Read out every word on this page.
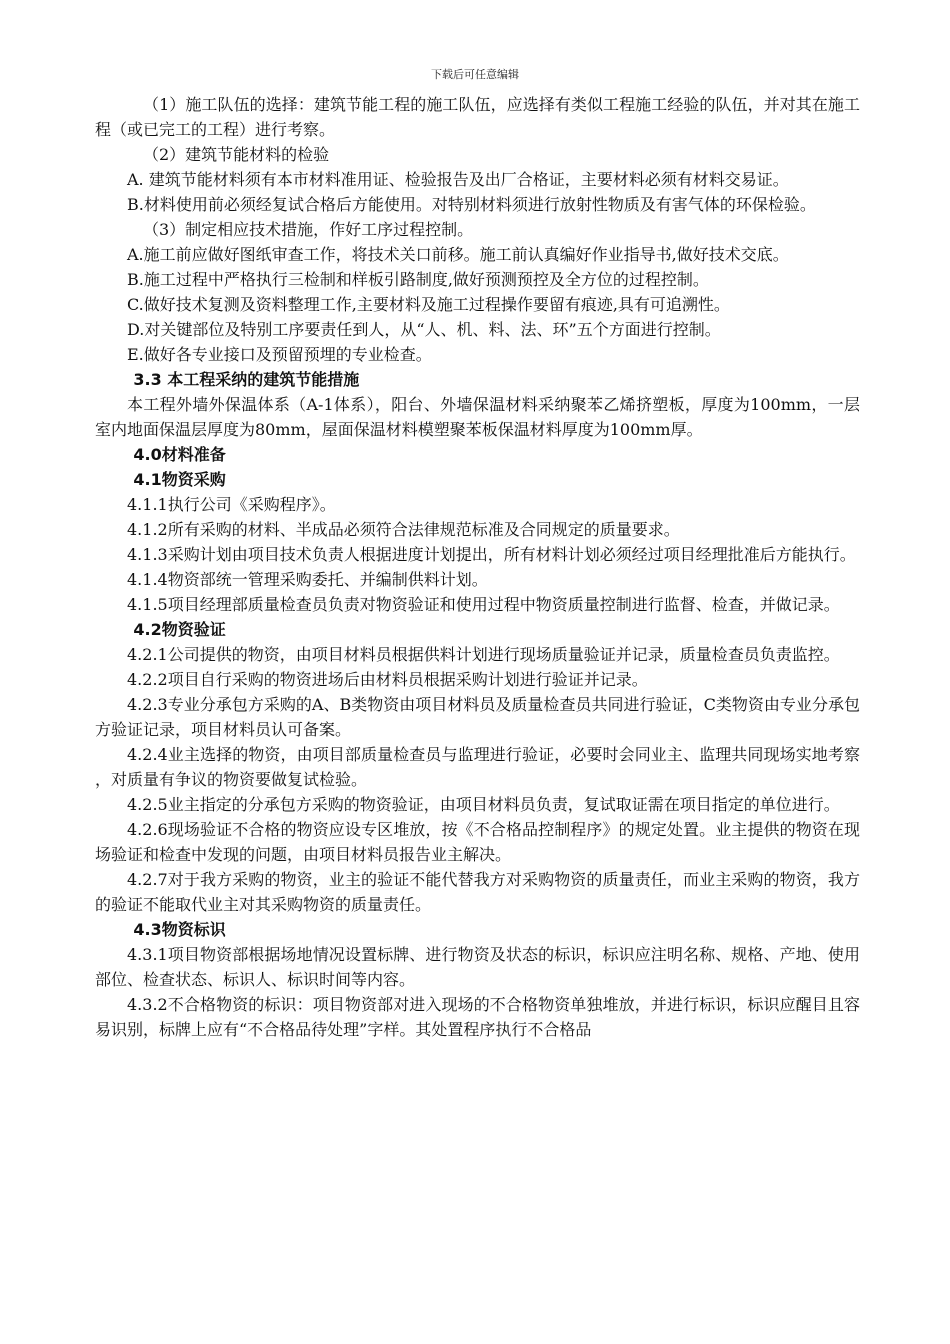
下载后可任意编辑

（1）施工队伍的选择：建筑节能工程的施工队伍，应选择有类似工程施工经验的队伍，并对其在施工程（或已完工的工程）进行考察。

（2）建筑节能材料的检验

A. 建筑节能材料须有本市材料准用证、检验报告及出厂合格证，主要材料必须有材料交易证。

B.材料使用前必须经复试合格后方能使用。对特别材料须进行放射性物质及有害气体的环保检验。

（3）制定相应技术措施，作好工序过程控制。

A.施工前应做好图纸审查工作，将技术关口前移。施工前认真编好作业指导书,做好技术交底。

B.施工过程中严格执行三检制和样板引路制度,做好预测预控及全方位的过程控制。

C.做好技术复测及资料整理工作,主要材料及施工过程操作要留有痕迹,具有可追溯性。

D.对关键部位及特别工序要责任到人，从“人、机、料、法、环”五个方面进行控制。

E.做好各专业接口及预留预埋的专业检查。

3.3 本工程采纳的建筑节能措施

本工程外墙外保温体系（A-1体系），阳台、外墙保温材料采纳聚苯乙烯挤塑板，厚度为100mm，一层室内地面保温层厚度为80mm，屋面保温材料模塑聚苯板保温材料厚度为100mm厚。

4.0材料准备

4.1物资采购

4.1.1执行公司《采购程序》。

4.1.2所有采购的材料、半成品必须符合法律规范标准及合同规定的质量要求。

4.1.3采购计划由项目技术负责人根据进度计划提出，所有材料计划必须经过项目经理批准后方能执行。

4.1.4物资部统一管理采购委托、并编制供料计划。

4.1.5项目经理部质量检查员负责对物资验证和使用过程中物资质量控制进行监督、检查，并做记录。

4.2物资验证

4.2.1公司提供的物资，由项目材料员根据供料计划进行现场质量验证并记录，质量检查员负责监控。

4.2.2项目自行采购的物资进场后由材料员根据采购计划进行验证并记录。

4.2.3专业分承包方采购的A、B类物资由项目材料员及质量检查员共同进行验证，C类物资由专业分承包方验证记录，项目材料员认可备案。

4.2.4业主选择的物资，由项目部质量检查员与监理进行验证，必要时会同业主、监理共同现场实地考察，对质量有争议的物资要做复试检验。

4.2.5业主指定的分承包方采购的物资验证，由项目材料员负责，复试取证需在项目指定的单位进行。

4.2.6现场验证不合格的物资应设专区堆放，按《不合格品控制程序》的规定处置。业主提供的物资在现场验证和检查中发现的问题，由项目材料员报告业主解决。

4.2.7对于我方采购的物资，业主的验证不能代替我方对采购物资的质量责任，而业主采购的物资，我方的验证不能取代业主对其采购物资的质量责任。

4.3物资标识

4.3.1项目物资部根据场地情况设置标牌、进行物资及状态的标识，标识应注明名称、规格、产地、使用部位、检查状态、标识人、标识时间等内容。

4.3.2不合格物资的标识：项目物资部对进入现场的不合格物资单独堆放，并进行标识，标识应醒目且容易识别，标牌上应有“不合格品待处理”字样。其处置程序执行不合格品
